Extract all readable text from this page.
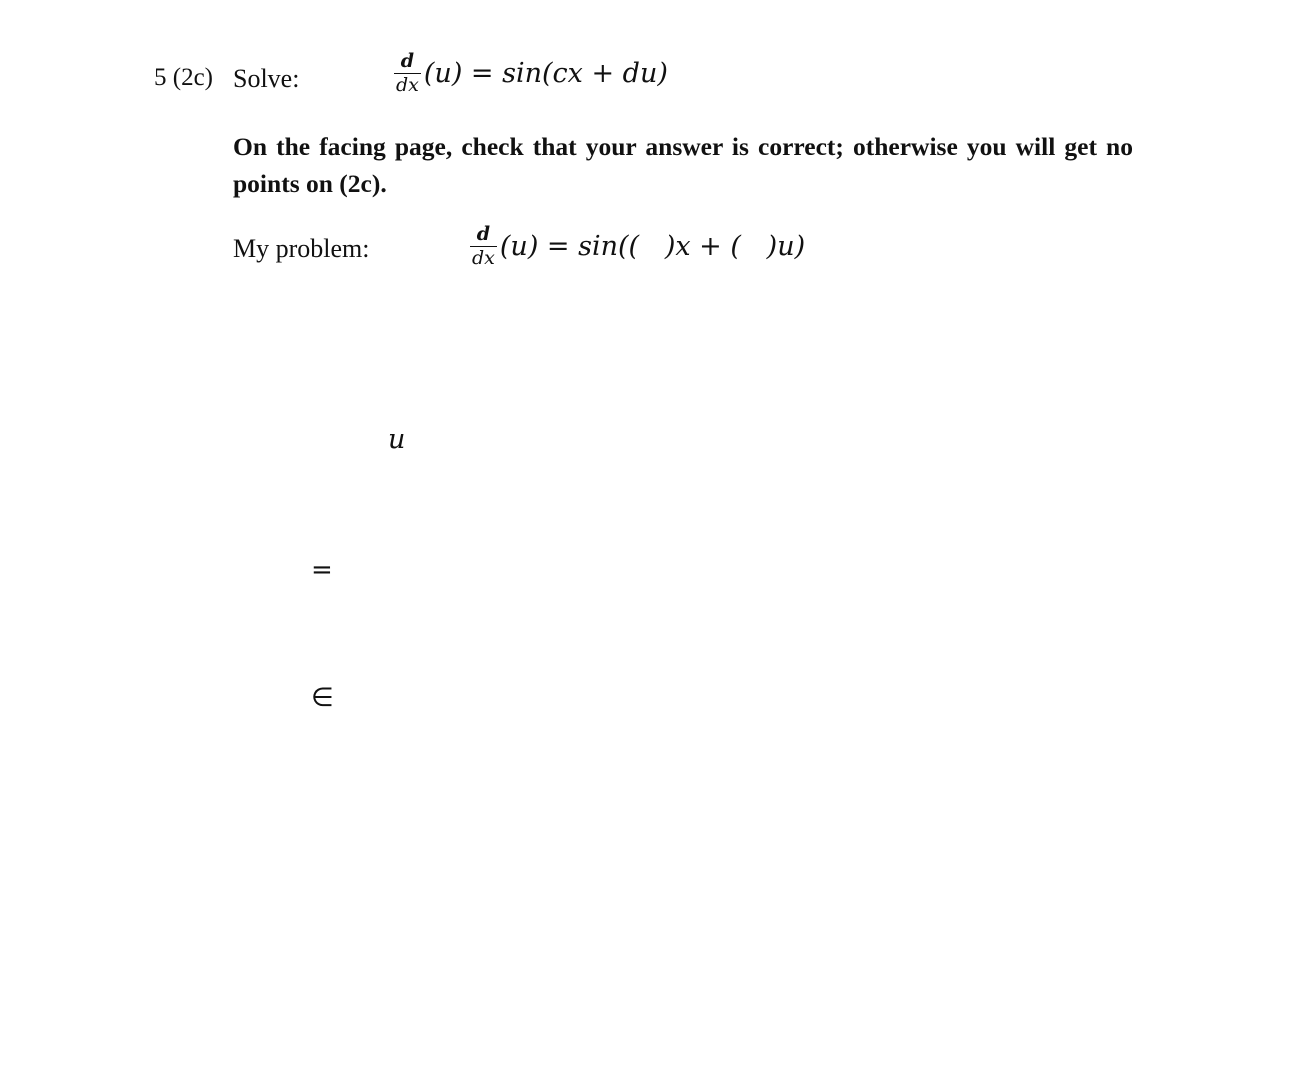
5 (2c) Solve:	$\frac{d}{dx} (u) = \sin(cx + du)$
On the facing page, check that your answer is correct; otherwise you will get no points on (2c).
My problem:	$\frac{d}{dx} (u) = \sin$((   )x + (   )u)
u
=
∈
